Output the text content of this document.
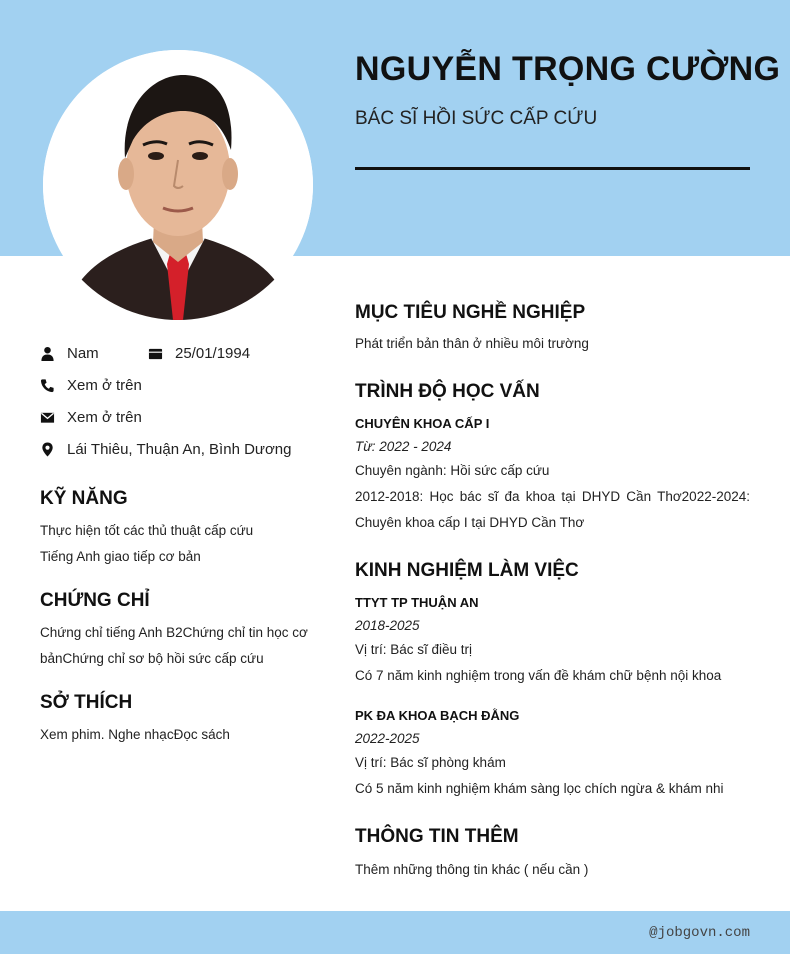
NGUYỄN TRỌNG CƯỜNG
BÁC SĨ HỒI SỨC CẤP CỨU
Nam	25/01/1994
Xem ở trên
Xem ở trên
Lái Thiêu, Thuận An, Bình Dương
KỸ NĂNG
Thực hiện tốt các thủ thuật cấp cứu
Tiếng Anh giao tiếp cơ bản
CHỨNG CHỈ
Chứng chỉ tiếng Anh B2Chứng chỉ tin học cơ bảnChứng chỉ sơ bộ hồi sức cấp cứu
SỞ THÍCH
Xem phim. Nghe nhạcĐọc sách
MỤC TIÊU NGHỀ NGHIỆP
Phát triển bản thân ở nhiều môi trường
TRÌNH ĐỘ HỌC VẤN
CHUYÊN KHOA CẤP I
Từ: 2022 - 2024
Chuyên ngành: Hồi sức cấp cứu
2012-2018: Học bác sĩ đa khoa tại DHYD Cần Thơ2022-2024: Chuyên khoa cấp I tại DHYD Cần Thơ
KINH NGHIỆM LÀM VIỆC
TTYT TP THUẬN AN
2018-2025
Vị trí: Bác sĩ điều trị
Có 7 năm kinh nghiệm trong vấn đề khám chữ bệnh nội khoa
PK ĐA KHOA BẠCH ĐẰNG
2022-2025
Vị trí: Bác sĩ phòng khám
Có 5 năm kinh nghiệm khám sàng lọc chích ngừa & khám nhi
THÔNG TIN THÊM
Thêm những thông tin khác ( nếu cần )
@jobgovn.com
